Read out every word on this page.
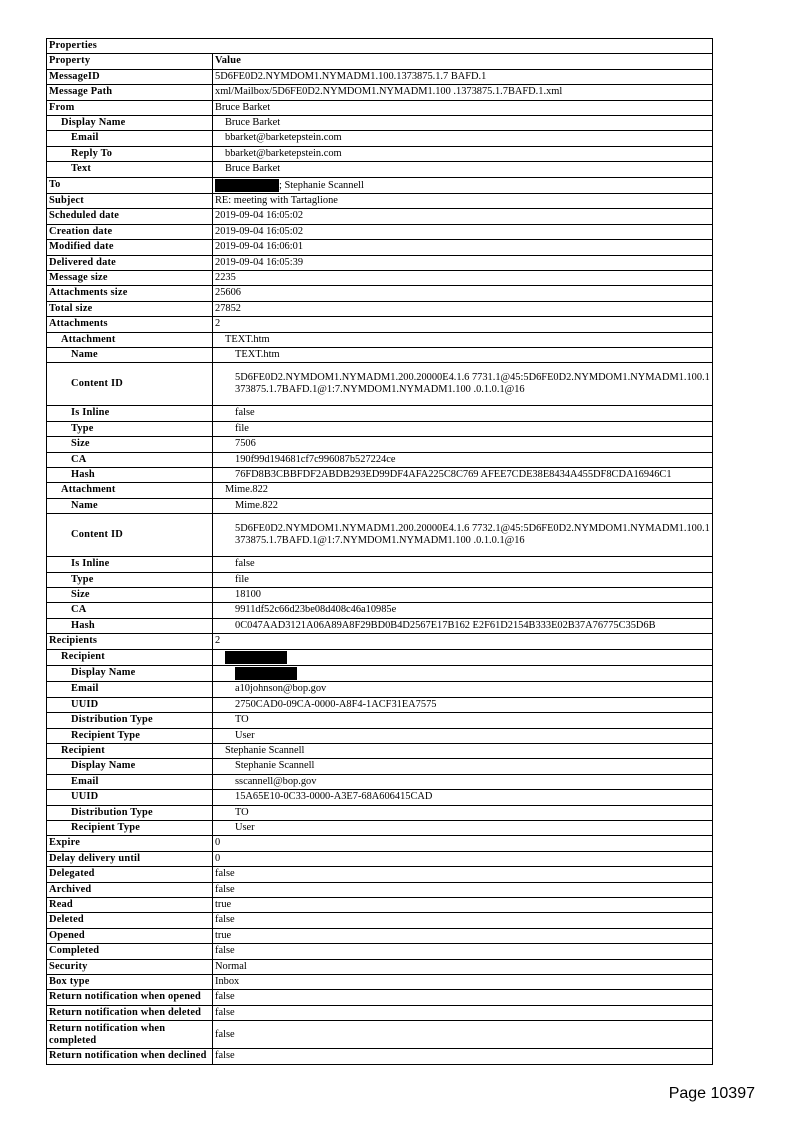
Properties	
Property	Value
MessageID	5D6FE0D2.NYMDOM1.NYMADM1.100.1373875.1.7 BAFD.1
Message Path	xml/Mailbox/5D6FE0D2.NYMDOM1.NYMADM1.100 .1373875.1.7BAFD.1.xml
From	Bruce Barket
Display Name	Bruce Barket
Email	bbarket@barketepstein.com
Reply To	bbarket@barketepstein.com
Text	Bruce Barket
To	; Stephanie Scannell
Subject	RE: meeting with Tartaglione
Scheduled date	2019-09-04 16:05:02
Creation date	2019-09-04 16:05:02
Modified date	2019-09-04 16:06:01
Delivered date	2019-09-04 16:05:39
Message size	2235
Attachments size	25606
Total size	27852
Attachments	2
Attachment	TEXT.htm
Name	TEXT.htm
Content ID	5D6FE0D2.NYMDOM1.NYMADM1.200.20000E4.1.6 7731.1@45:5D6FE0D2.NYMDOM1.NYMADM1.100.1 373875.1.7BAFD.1@1:7.NYMDOM1.NYMADM1.100 .0.1.0.1@16
Is Inline	false
Type	file
Size	7506
CA	190f99d194681cf7c996087b527224ce
Hash	76FD8B3CBBFDF2ABDB293ED99DF4AFA225C8C769 AFEE7CDE38E8434A455DF8CDA16946C1
Attachment	Mime.822
Name	Mime.822
Content ID	5D6FE0D2.NYMDOM1.NYMADM1.200.20000E4.1.6 7732.1@45:5D6FE0D2.NYMDOM1.NYMADM1.100.1 373875.1.7BAFD.1@1:7.NYMDOM1.NYMADM1.100 .0.1.0.1@16
Is Inline	false
Type	file
Size	18100
CA	9911df52c66d23be08d408c46a10985e
Hash	0C047AAD3121A06A89A8F29BD0B4D2567E17B162 E2F61D2154B333E02B37A76775C35D6B
Recipients	2
Recipient	
Display Name	
Email	a10johnson@bop.gov
UUID	2750CAD0-09CA-0000-A8F4-1ACF31EA7575
Distribution Type	TO
Recipient Type	User
Recipient	Stephanie Scannell
Display Name	Stephanie Scannell
Email	sscannell@bop.gov
UUID	15A65E10-0C33-0000-A3E7-68A606415CAD
Distribution Type	TO
Recipient Type	User
Expire	0
Delay delivery until	0
Delegated	false
Archived	false
Read	true
Deleted	false
Opened	true
Completed	false
Security	Normal
Box type	Inbox
Return notification when opened	false
Return notification when deleted	false
Return notification when completed	false
Return notification when declined	false
Page 10397
